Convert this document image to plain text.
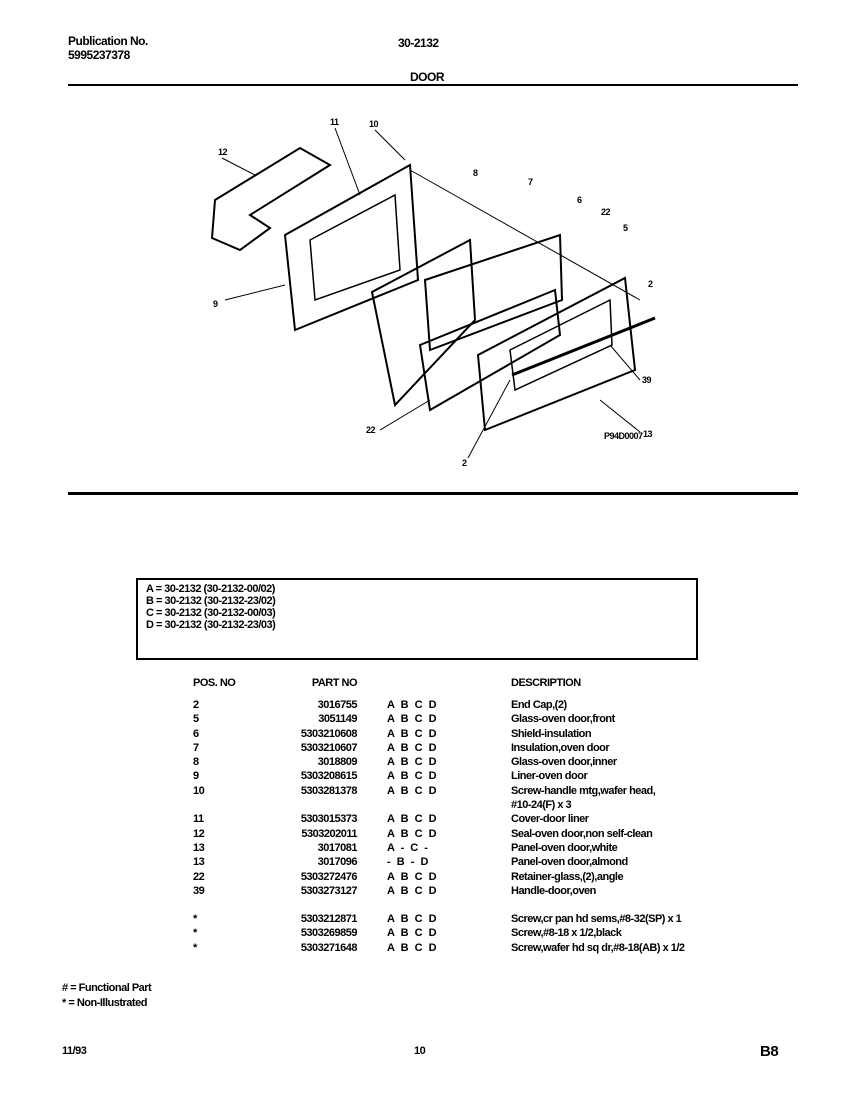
Publication No.
5995237378
30-2132
DOOR
12
11	10
9
8
7
6
22
5
2
39
13
22
2
P94D0007
A = 30-2132 (30-2132-00/02)
B = 30-2132 (30-2132-23/02)
C = 30-2132 (30-2132-00/03)
D = 30-2132 (30-2132-23/03)
POS. NO	PART NO		DESCRIPTION
2	3016755	A B C D	End Cap,(2)
5	3051149	A B C D	Glass-oven door,front
6	5303210608	A B C D	Shield-insulation
7	5303210607	A B C D	Insulation,oven door
8	3018809	A B C D	Glass-oven door,inner
9	5303208615	A B C D	Liner-oven door
10	5303281378	A B C D	Screw-handle mtg,wafer head,
			#10-24(F) x 3
11	5303015373	A B C D	Cover-door liner
12	5303202011	A B C D	Seal-oven door,non self-clean
13	3017081	A - C -	Panel-oven door,white
13	3017096	- B - D	Panel-oven door,almond
22	5303272476	A B C D	Retainer-glass,(2),angle
39	5303273127	A B C D	Handle-door,oven

*	5303212871	A B C D	Screw,cr pan hd sems,#8-32(SP) x 1
*	5303269859	A B C D	Screw,#8-18 x 1/2,black
*	5303271648	A B C D	Screw,wafer hd sq dr,#8-18(AB) x 1/2
# = Functional Part
* = Non-Illustrated
11/93	10	B8
